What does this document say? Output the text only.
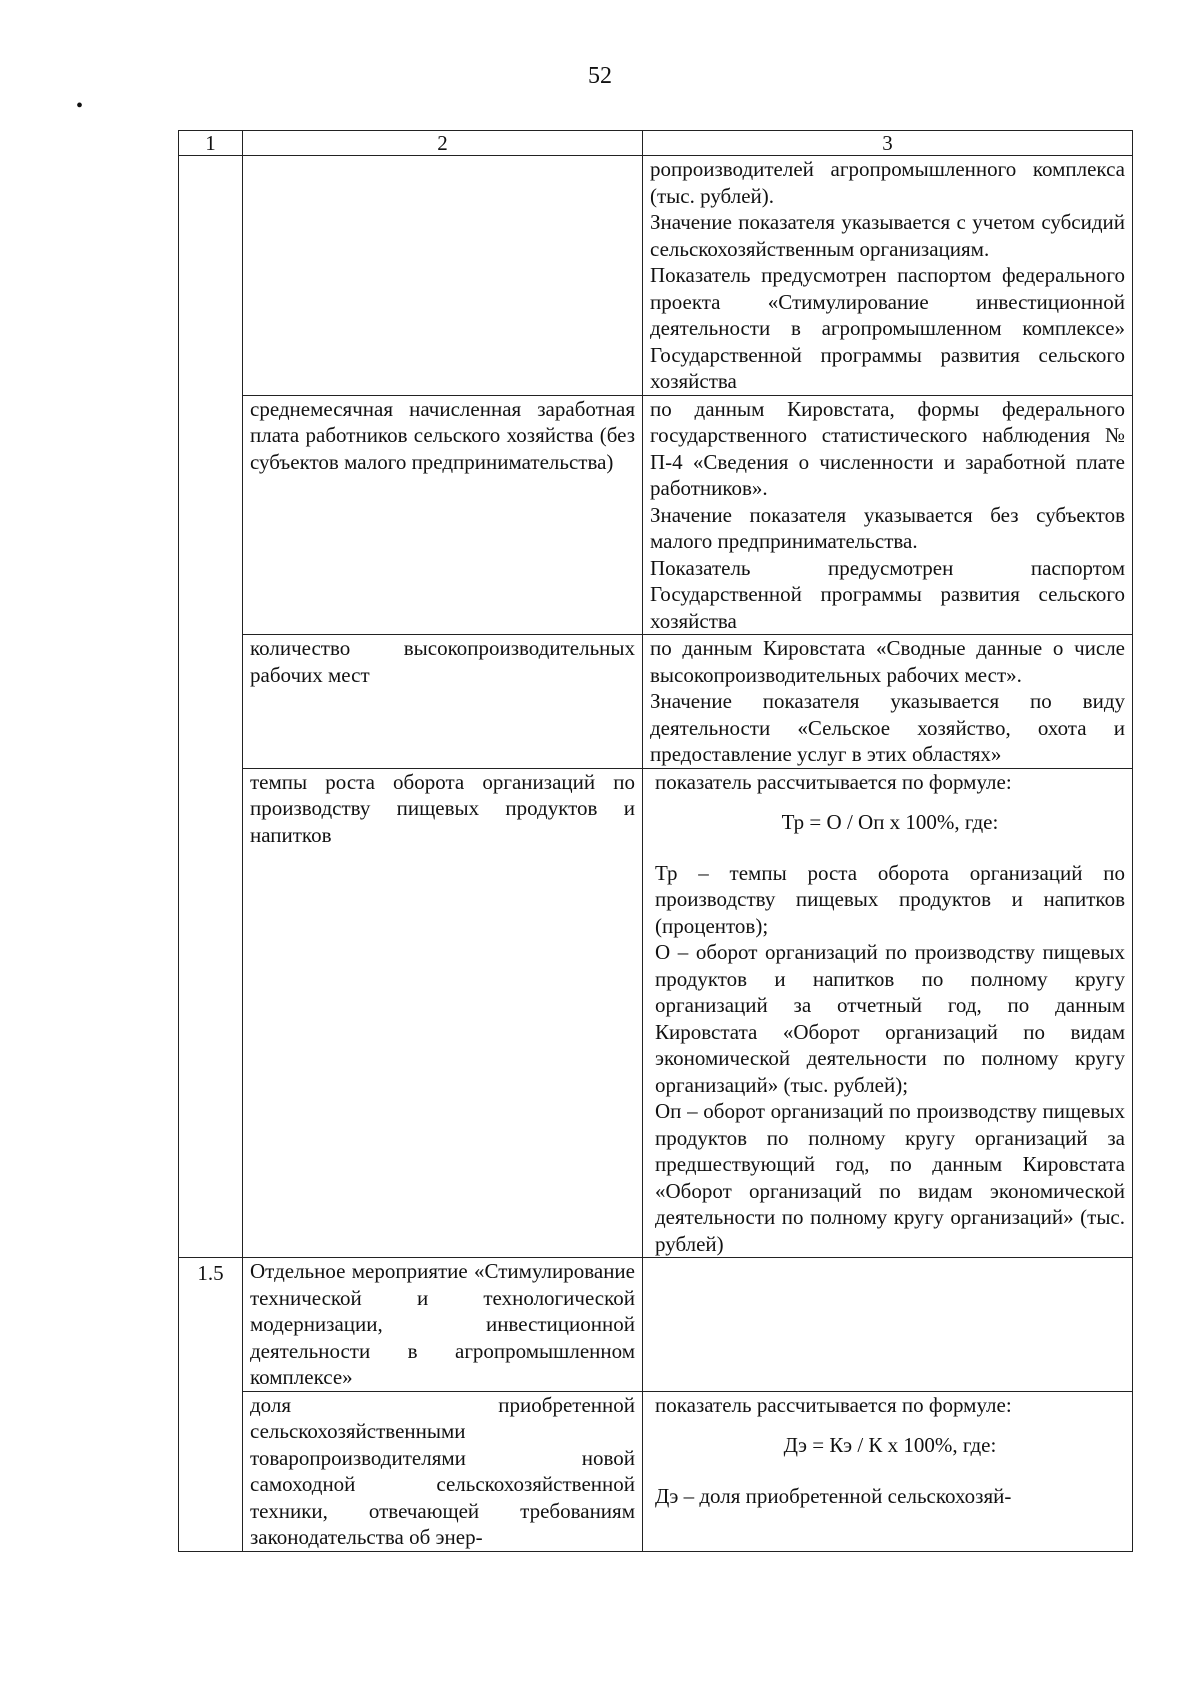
52
•
1	2	3

		ропроизводителей агропромышленного комплекса (тыс. рублей).

Значение показателя указывается с учетом субсидий сельскохозяйственным организациям.

Показатель предусмотрен паспортом федерального проекта «Стимулирование инвестиционной деятельности в агропромышленном комплексе» Государственной программы развития сельского хозяйства

	среднемесячная начисленная заработная плата работников сельского хозяйства (без субъектов малого предпринимательства)	по данным Кировстата, формы федерального государственного статистического наблюдения № П-4 «Сведения о численности и заработной плате работников».

Значение показателя указывается без субъектов малого предпринимательства.

Показатель предусмотрен паспортом Государственной программы развития сельского хозяйства

	количество высокопроизводительных рабочих мест	по данным Кировстата «Сводные данные о числе высокопроизводительных рабочих мест».

Значение показателя указывается по виду деятельности «Сельское хозяйство, охота и предоставление услуг в этих областях»

	темпы роста оборота организаций по производству пищевых продуктов и напитков	показатель рассчитывается по формуле:

Тр = О / Оп x 100%, где:

Тр – темпы роста оборота организаций по производству пищевых продуктов и напитков (процентов);

О – оборот организаций по производству пищевых продуктов и напитков по полному кругу организаций за отчетный год, по данным Кировстата «Оборот организаций по видам экономической деятельности по полному кругу организаций» (тыс. рублей);

Оп – оборот организаций по производству пищевых продуктов по полному кругу организаций за предшествующий год, по данным Кировстата «Оборот организаций по видам экономической деятельности по полному кругу организаций» (тыс. рублей)

1.5	Отдельное мероприятие «Стимулирование технической и технологической модернизации, инвестиционной деятельности в агропромышленном комплексе»	
	доля приобретенной сельскохозяйственными товаропроизводителями новой самоходной сельскохозяйственной техники, отвечающей требованиям законодательства об энер-	показатель рассчитывается по формуле:

Дэ = Кэ / К x 100%, где:

Дэ – доля приобретенной сельскохозяй-
